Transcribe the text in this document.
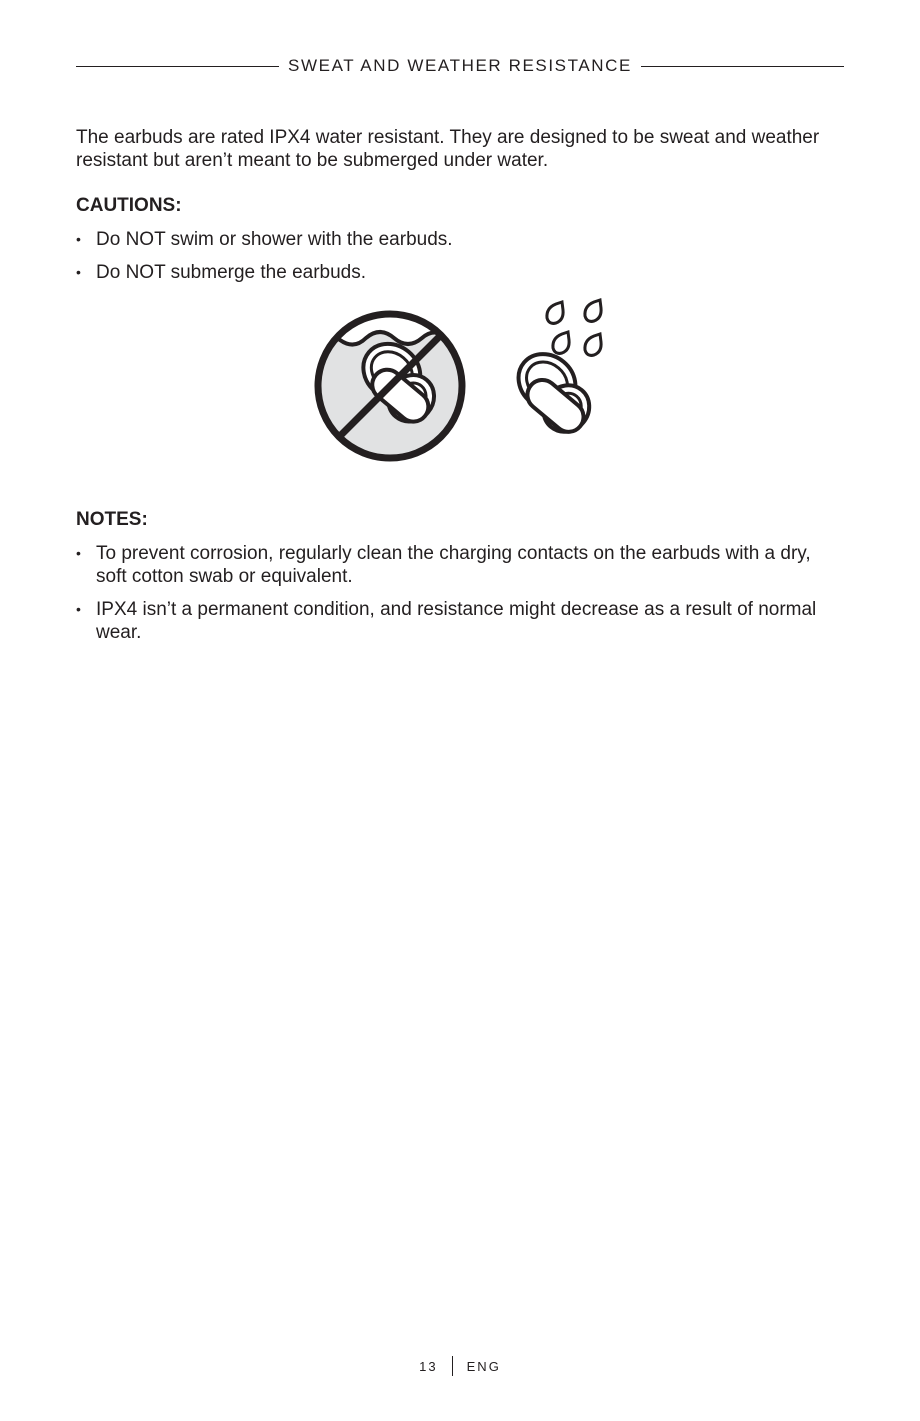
SWEAT AND WEATHER RESISTANCE

The earbuds are rated IPX4 water resistant. They are designed to be sweat and weather resistant but aren’t meant to be submerged under water.

CAUTIONS:
• Do NOT swim or shower with the earbuds.
• Do NOT submerge the earbuds.
NOTES:
• To prevent corrosion, regularly clean the charging contacts on the earbuds with a dry, soft cotton swab or equivalent.
• IPX4 isn’t a permanent condition, and resistance might decrease as a result of normal wear.
13 ENG
